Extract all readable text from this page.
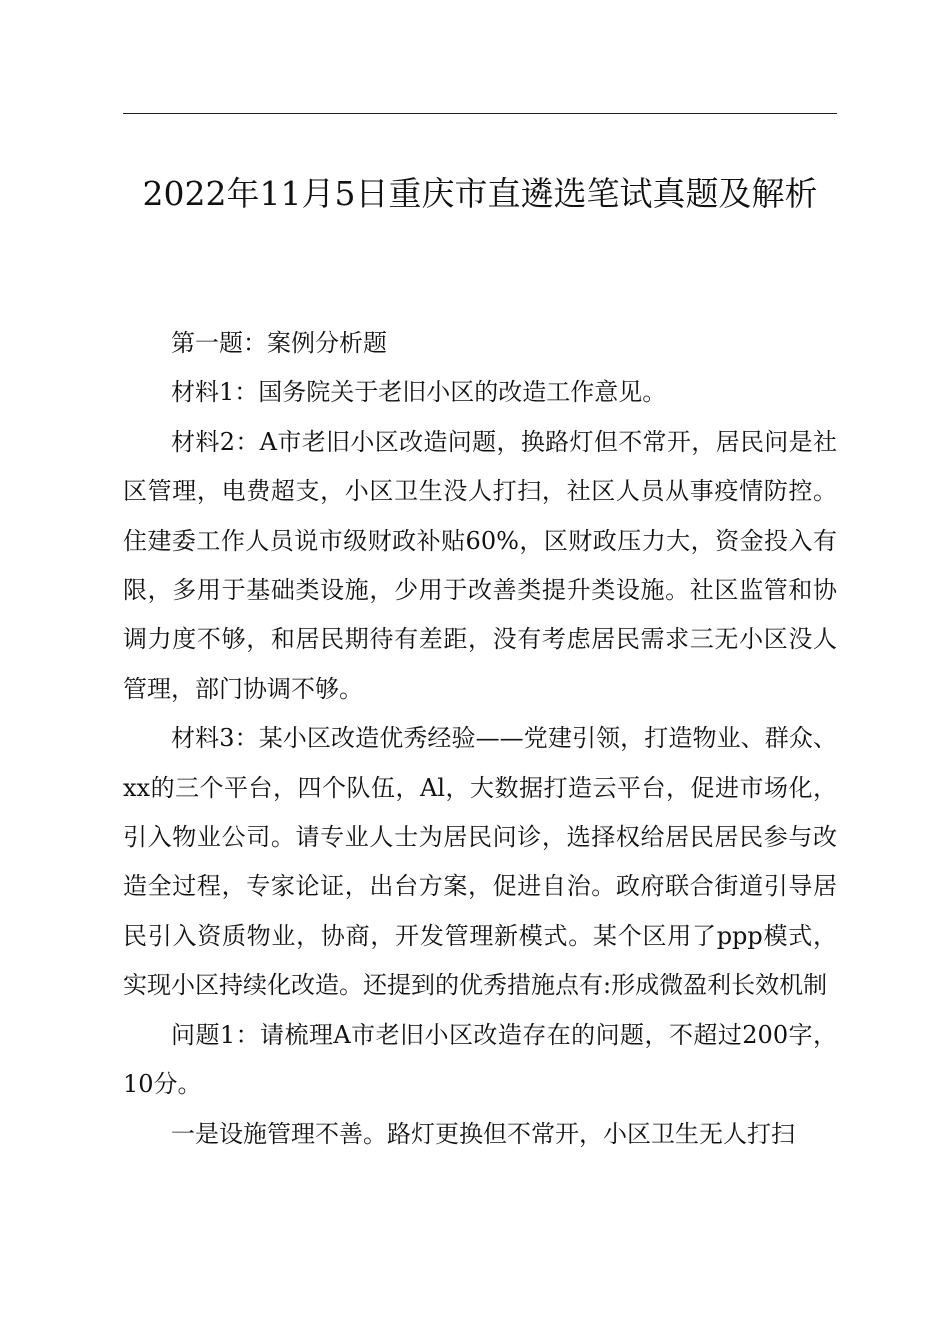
2022年11月5日重庆市直遴选笔试真题及解析

第一题：案例分析题

材料1：国务院关于老旧小区的改造工作意见。

材料2：A市老旧小区改造问题，换路灯但不常开，居民问是社区管理，电费超支，小区卫生没人打扫，社区人员从事疫情防控。住建委工作人员说市级财政补贴60%，区财政压力大，资金投入有限，多用于基础类设施，少用于改善类提升类设施。社区监管和协调力度不够，和居民期待有差距，没有考虑居民需求三无小区没人管理，部门协调不够。

材料3：某小区改造优秀经验——党建引领，打造物业、群众、xx的三个平台，四个队伍，Al，大数据打造云平台，促进市场化，引入物业公司。请专业人士为居民问诊，选择权给居民居民参与改造全过程，专家论证，出台方案，促进自治。政府联合街道引导居民引入资质物业，协商，开发管理新模式。某个区用了ppp模式，实现小区持续化改造。还提到的优秀措施点有:形成微盈利长效机制

问题1：请梳理A市老旧小区改造存在的问题，不超过200字，10分。

一是设施管理不善。路灯更换但不常开，小区卫生无人打扫
